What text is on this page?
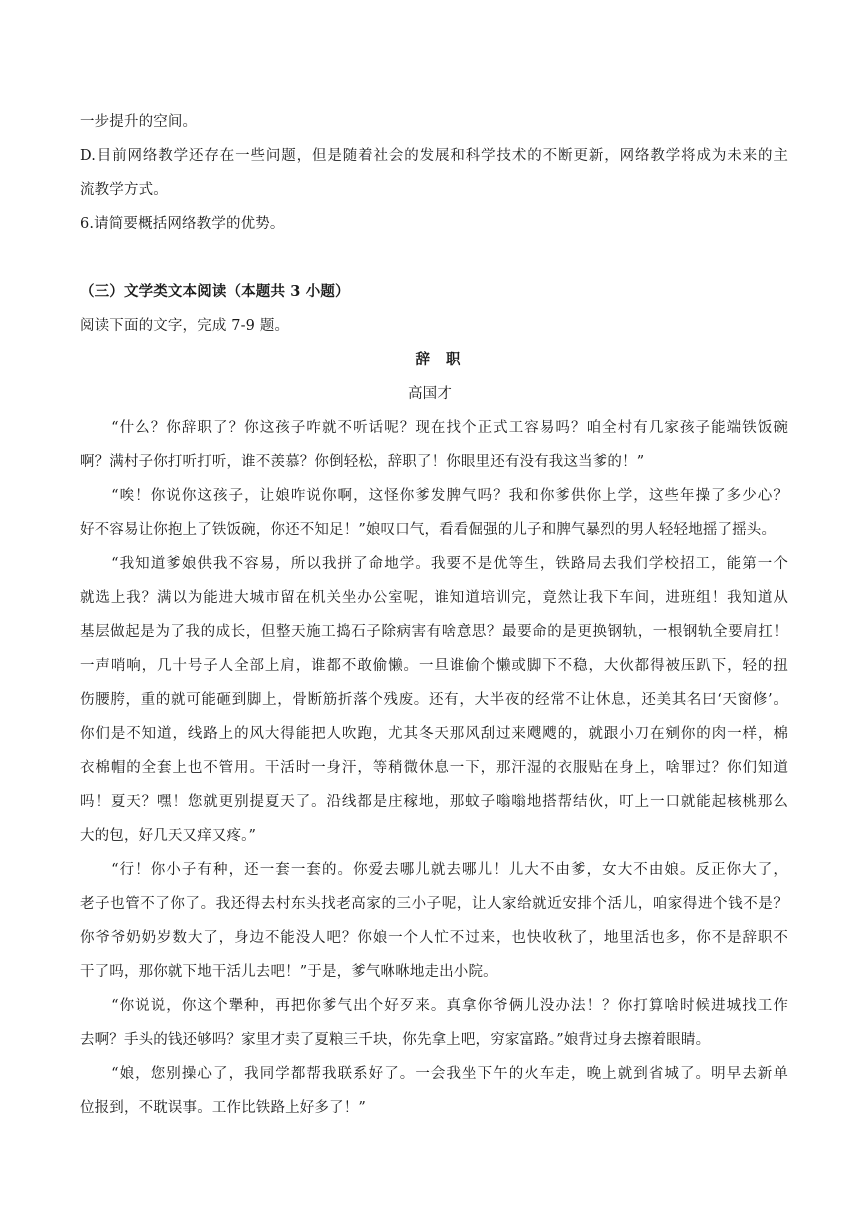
一步提升的空间。
D.目前网络教学还存在一些问题，但是随着社会的发展和科学技术的不断更新，网络教学将成为未来的主
流教学方式。
6.请简要概括网络教学的优势。
（三）文学类文本阅读（本题共 3 小题）
阅读下面的文字，完成 7-9 题。
辞职
高国才
　　“什么？你辞职了？你这孩子咋就不听话呢？现在找个正式工容易吗？咱全村有几家孩子能端铁饭碗
啊？满村子你打听打听，谁不羡慕？你倒轻松，辞职了！你眼里还有没有我这当爹的！”
　　“唉！你说你这孩子，让娘咋说你啊，这怪你爹发脾气吗？我和你爹供你上学，这些年操了多少心？
好不容易让你抱上了铁饭碗，你还不知足！”娘叹口气，看看倔强的儿子和脾气暴烈的男人轻轻地摇了摇头。
　　“我知道爹娘供我不容易，所以我拼了命地学。我要不是优等生，铁路局去我们学校招工，能第一个
就选上我？满以为能进大城市留在机关坐办公室呢，谁知道培训完，竟然让我下车间，进班组！我知道从
基层做起是为了我的成长，但整天施工捣石子除病害有啥意思？最要命的是更换钢轨，一根钢轨全要肩扛！
一声哨响，几十号子人全部上肩，谁都不敢偷懒。一旦谁偷个懒或脚下不稳，大伙都得被压趴下，轻的扭
伤腰胯，重的就可能砸到脚上，骨断筋折落个残废。还有，大半夜的经常不让休息，还美其名曰‘天窗修’。
你们是不知道，线路上的风大得能把人吹跑，尤其冬天那风刮过来飕飕的，就跟小刀在剜你的肉一样，棉
衣棉帽的全套上也不管用。干活时一身汗，等稍微休息一下，那汗湿的衣服贴在身上，啥罪过？你们知道
吗！夏天？嘿！您就更别提夏天了。沿线都是庄稼地，那蚊子嗡嗡地搭帮结伙，叮上一口就能起核桃那么
大的包，好几天又痒又疼。”
　　“行！你小子有种，还一套一套的。你爱去哪儿就去哪儿！儿大不由爹，女大不由娘。反正你大了，
老子也管不了你了。我还得去村东头找老高家的三小子呢，让人家给就近安排个活儿，咱家得进个钱不是？
你爷爷奶奶岁数大了，身边不能没人吧？你娘一个人忙不过来，也快收秋了，地里活也多，你不是辞职不
干了吗，那你就下地干活儿去吧！”于是，爹气咻咻地走出小院。
　　“你说说，你这个犟种，再把你爹气出个好歹来。真拿你爷俩儿没办法！？你打算啥时候进城找工作
去啊？手头的钱还够吗？家里才卖了夏粮三千块，你先拿上吧，穷家富路。”娘背过身去擦着眼睛。
　　“娘，您别操心了，我同学都帮我联系好了。一会我坐下午的火车走，晚上就到省城了。明早去新单
位报到，不耽误事。工作比铁路上好多了！”
